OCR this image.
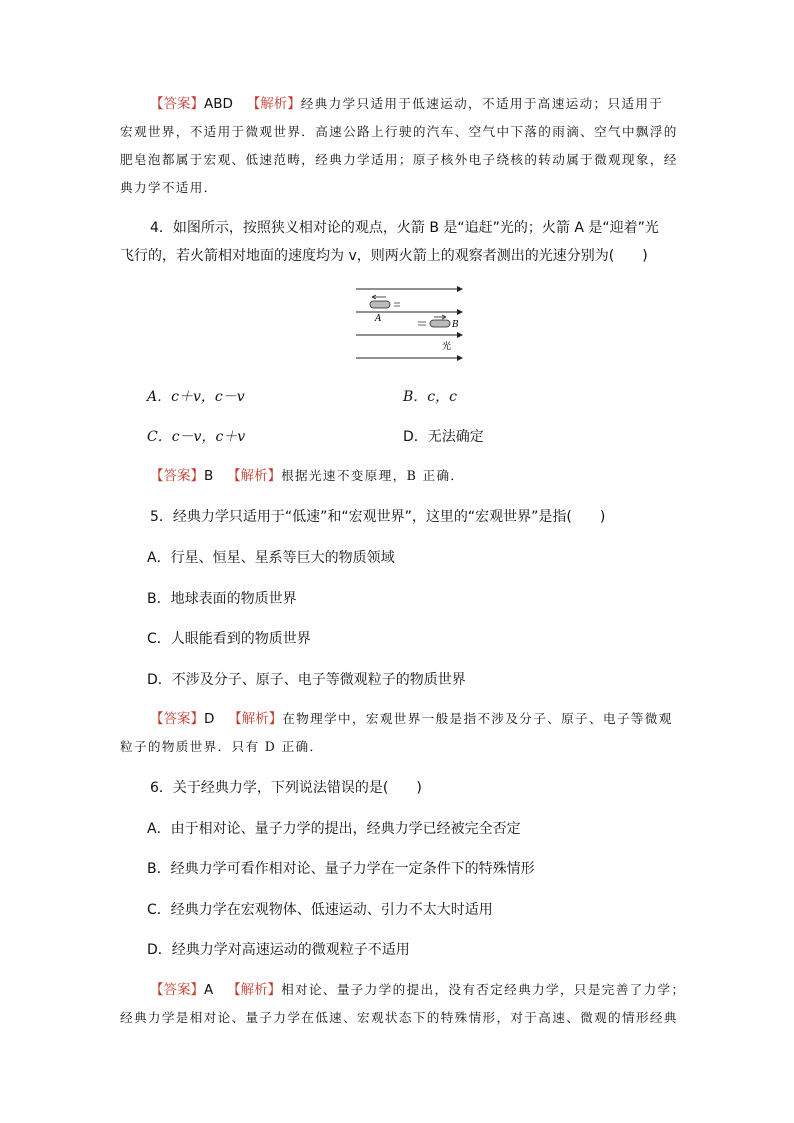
【答案】ABD 【解析】经典力学只适用于低速运动，不适用于高速运动；只适用于
宏观世界，不适用于微观世界．高速公路上行驶的汽车、空气中下落的雨滴、空气中飘浮的
肥皂泡都属于宏观、低速范畴，经典力学适用；原子核外电子绕核的转动属于微观现象，经
典力学不适用．
4．如图所示，按照狭义相对论的观点，火箭 B 是“追赶”光的；火箭 A 是“迎着”光
飞行的，若火箭相对地面的速度均为 v，则两火箭上的观察者测出的光速分别为(　　)
A
B
光
A．c＋v，c－v	B．c，c
C．c－v，c＋v	D．无法确定
【答案】B 【解析】根据光速不变原理，B 正确．
5．经典力学只适用于“低速”和“宏观世界”，这里的“宏观世界”是指(　　)
A．行星、恒星、星系等巨大的物质领域
B．地球表面的物质世界
C．人眼能看到的物质世界
D．不涉及分子、原子、电子等微观粒子的物质世界
【答案】D 【解析】在物理学中，宏观世界一般是指不涉及分子、原子、电子等微观
粒子的物质世界．只有 D 正确．
6．关于经典力学，下列说法错误的是(　　)
A．由于相对论、量子力学的提出，经典力学已经被完全否定
B．经典力学可看作相对论、量子力学在一定条件下的特殊情形
C．经典力学在宏观物体、低速运动、引力不太大时适用
D．经典力学对高速运动的微观粒子不适用
【答案】A 【解析】相对论、量子力学的提出，没有否定经典力学，只是完善了力学；
经典力学是相对论、量子力学在低速、宏观状态下的特殊情形，对于高速、微观的情形经典
